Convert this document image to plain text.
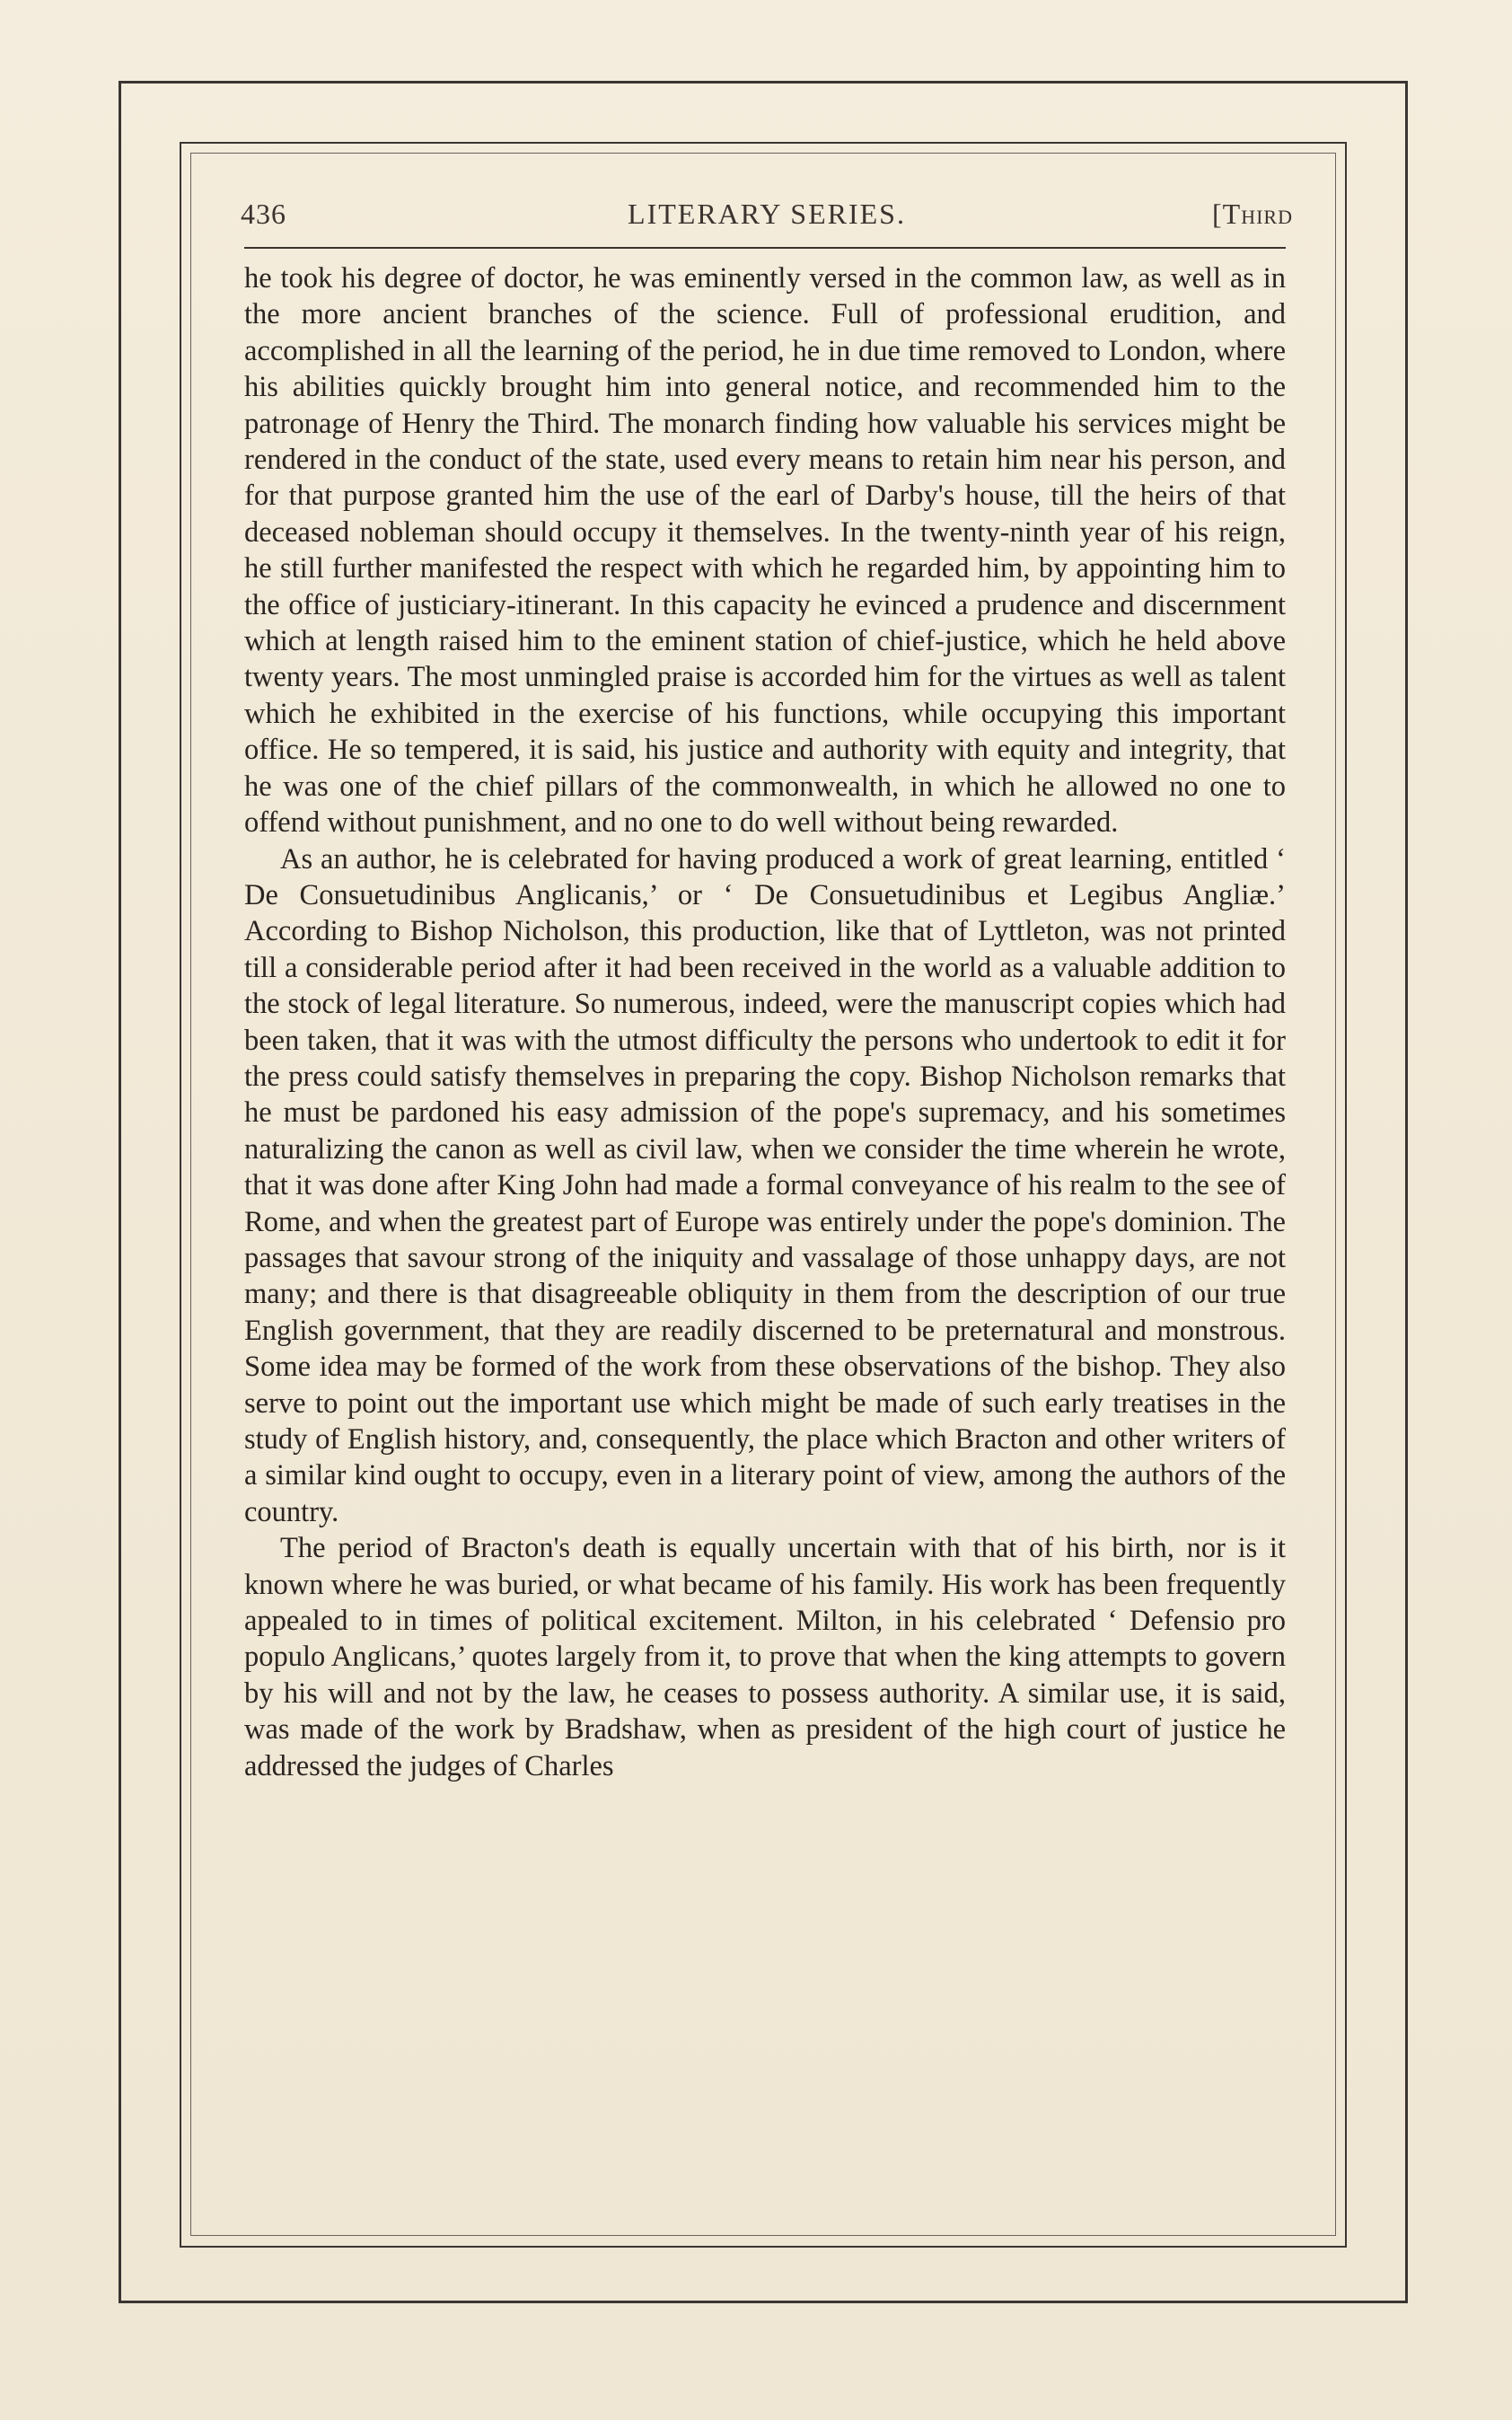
436	LITERARY SERIES.	[Third

he took his degree of doctor, he was eminently versed in the common law, as well as in the more ancient branches of the science. Full of professional erudition, and accomplished in all the learning of the period, he in due time removed to London, where his abilities quickly brought him into general notice, and recommended him to the patronage of Henry the Third. The monarch finding how valuable his services might be rendered in the conduct of the state, used every means to retain him near his person, and for that purpose granted him the use of the earl of Darby's house, till the heirs of that deceased nobleman should occupy it themselves. In the twenty-ninth year of his reign, he still further manifested the respect with which he regarded him, by appointing him to the office of justiciary-itinerant. In this capacity he evinced a prudence and discernment which at length raised him to the eminent station of chief-justice, which he held above twenty years. The most unmingled praise is accorded him for the virtues as well as talent which he exhibited in the exercise of his functions, while occupying this important office. He so tempered, it is said, his justice and authority with equity and integrity, that he was one of the chief pillars of the commonwealth, in which he allowed no one to offend without punishment, and no one to do well without being rewarded.

As an author, he is celebrated for having produced a work of great learning, entitled ‘ De Consuetudinibus Anglicanis,’ or ‘ De Consuetudinibus et Legibus Angliæ.’ According to Bishop Nicholson, this production, like that of Lyttleton, was not printed till a considerable period after it had been received in the world as a valuable addition to the stock of legal literature. So numerous, indeed, were the manuscript copies which had been taken, that it was with the utmost difficulty the persons who undertook to edit it for the press could satisfy themselves in preparing the copy. Bishop Nicholson remarks that he must be pardoned his easy admission of the pope's supremacy, and his sometimes naturalizing the canon as well as civil law, when we consider the time wherein he wrote, that it was done after King John had made a formal conveyance of his realm to the see of Rome, and when the greatest part of Europe was entirely under the pope's dominion. The passages that savour strong of the iniquity and vassalage of those unhappy days, are not many; and there is that disagreeable obliquity in them from the description of our true English government, that they are readily discerned to be preternatural and monstrous. Some idea may be formed of the work from these observations of the bishop. They also serve to point out the important use which might be made of such early treatises in the study of English history, and, consequently, the place which Bracton and other writers of a similar kind ought to occupy, even in a literary point of view, among the authors of the country.

The period of Bracton's death is equally uncertain with that of his birth, nor is it known where he was buried, or what became of his family. His work has been frequently appealed to in times of political excitement. Milton, in his celebrated ‘ Defensio pro populo Anglicans,’ quotes largely from it, to prove that when the king attempts to govern by his will and not by the law, he ceases to possess authority. A similar use, it is said, was made of the work by Bradshaw, when as president of the high court of justice he addressed the judges of Charles
